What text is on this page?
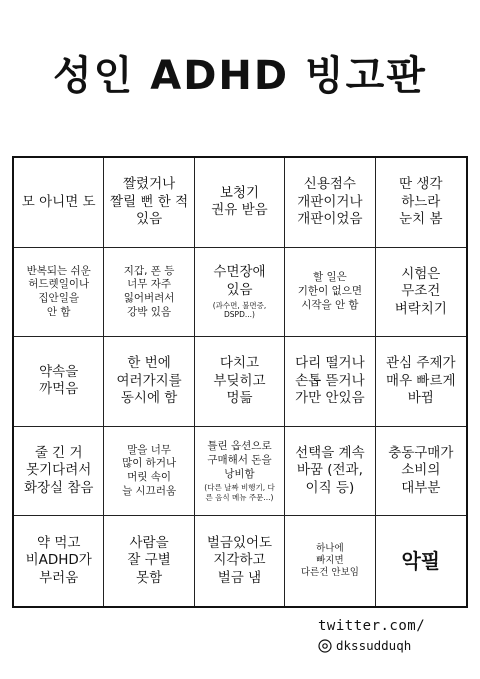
성인 ADHD 빙고판
모 아니면 도
짤렸거나
짤릴 뻔 한 적
있음
보청기
권유 받음
신용점수
개판이거나
개판이었음
딴 생각
하느라
눈치 봄
반복되는 쉬운
허드렛일이나
집안일을
안 함
지갑, 폰 등
너무 자주
잃어버려서
강박 있음
수면장애
있음
(과수면, 불면증,
DSPD...)
할 일은
기한이 없으면
시작을 안 함
시험은
무조건
벼락치기
약속을
까먹음
한 번에
여러가지를
동시에 함
다치고
부딪히고
멍듦
다리 떨거나
손톱 뜯거나
가만 안있음
관심 주제가
매우 빠르게
바뀜
줄 긴 거
못기다려서
화장실 참음
말을 너무
많이 하거나
머릿 속이
늘 시끄러움
틀린 옵션으로
구매해서 돈을
낭비함
(다른 날짜 비행기, 다
른 음식 메뉴 주문...)
선택을 계속
바꿈 (전과,
이직 등)
충동구매가
소비의
대부분
약 먹고
비ADHD가
부러움
사람을
잘 구별
못함
벌금있어도
지각하고
벌금 냄
하나에
빠지면
다른건 안보임 악필
twitter.com/
dkssudduqh
